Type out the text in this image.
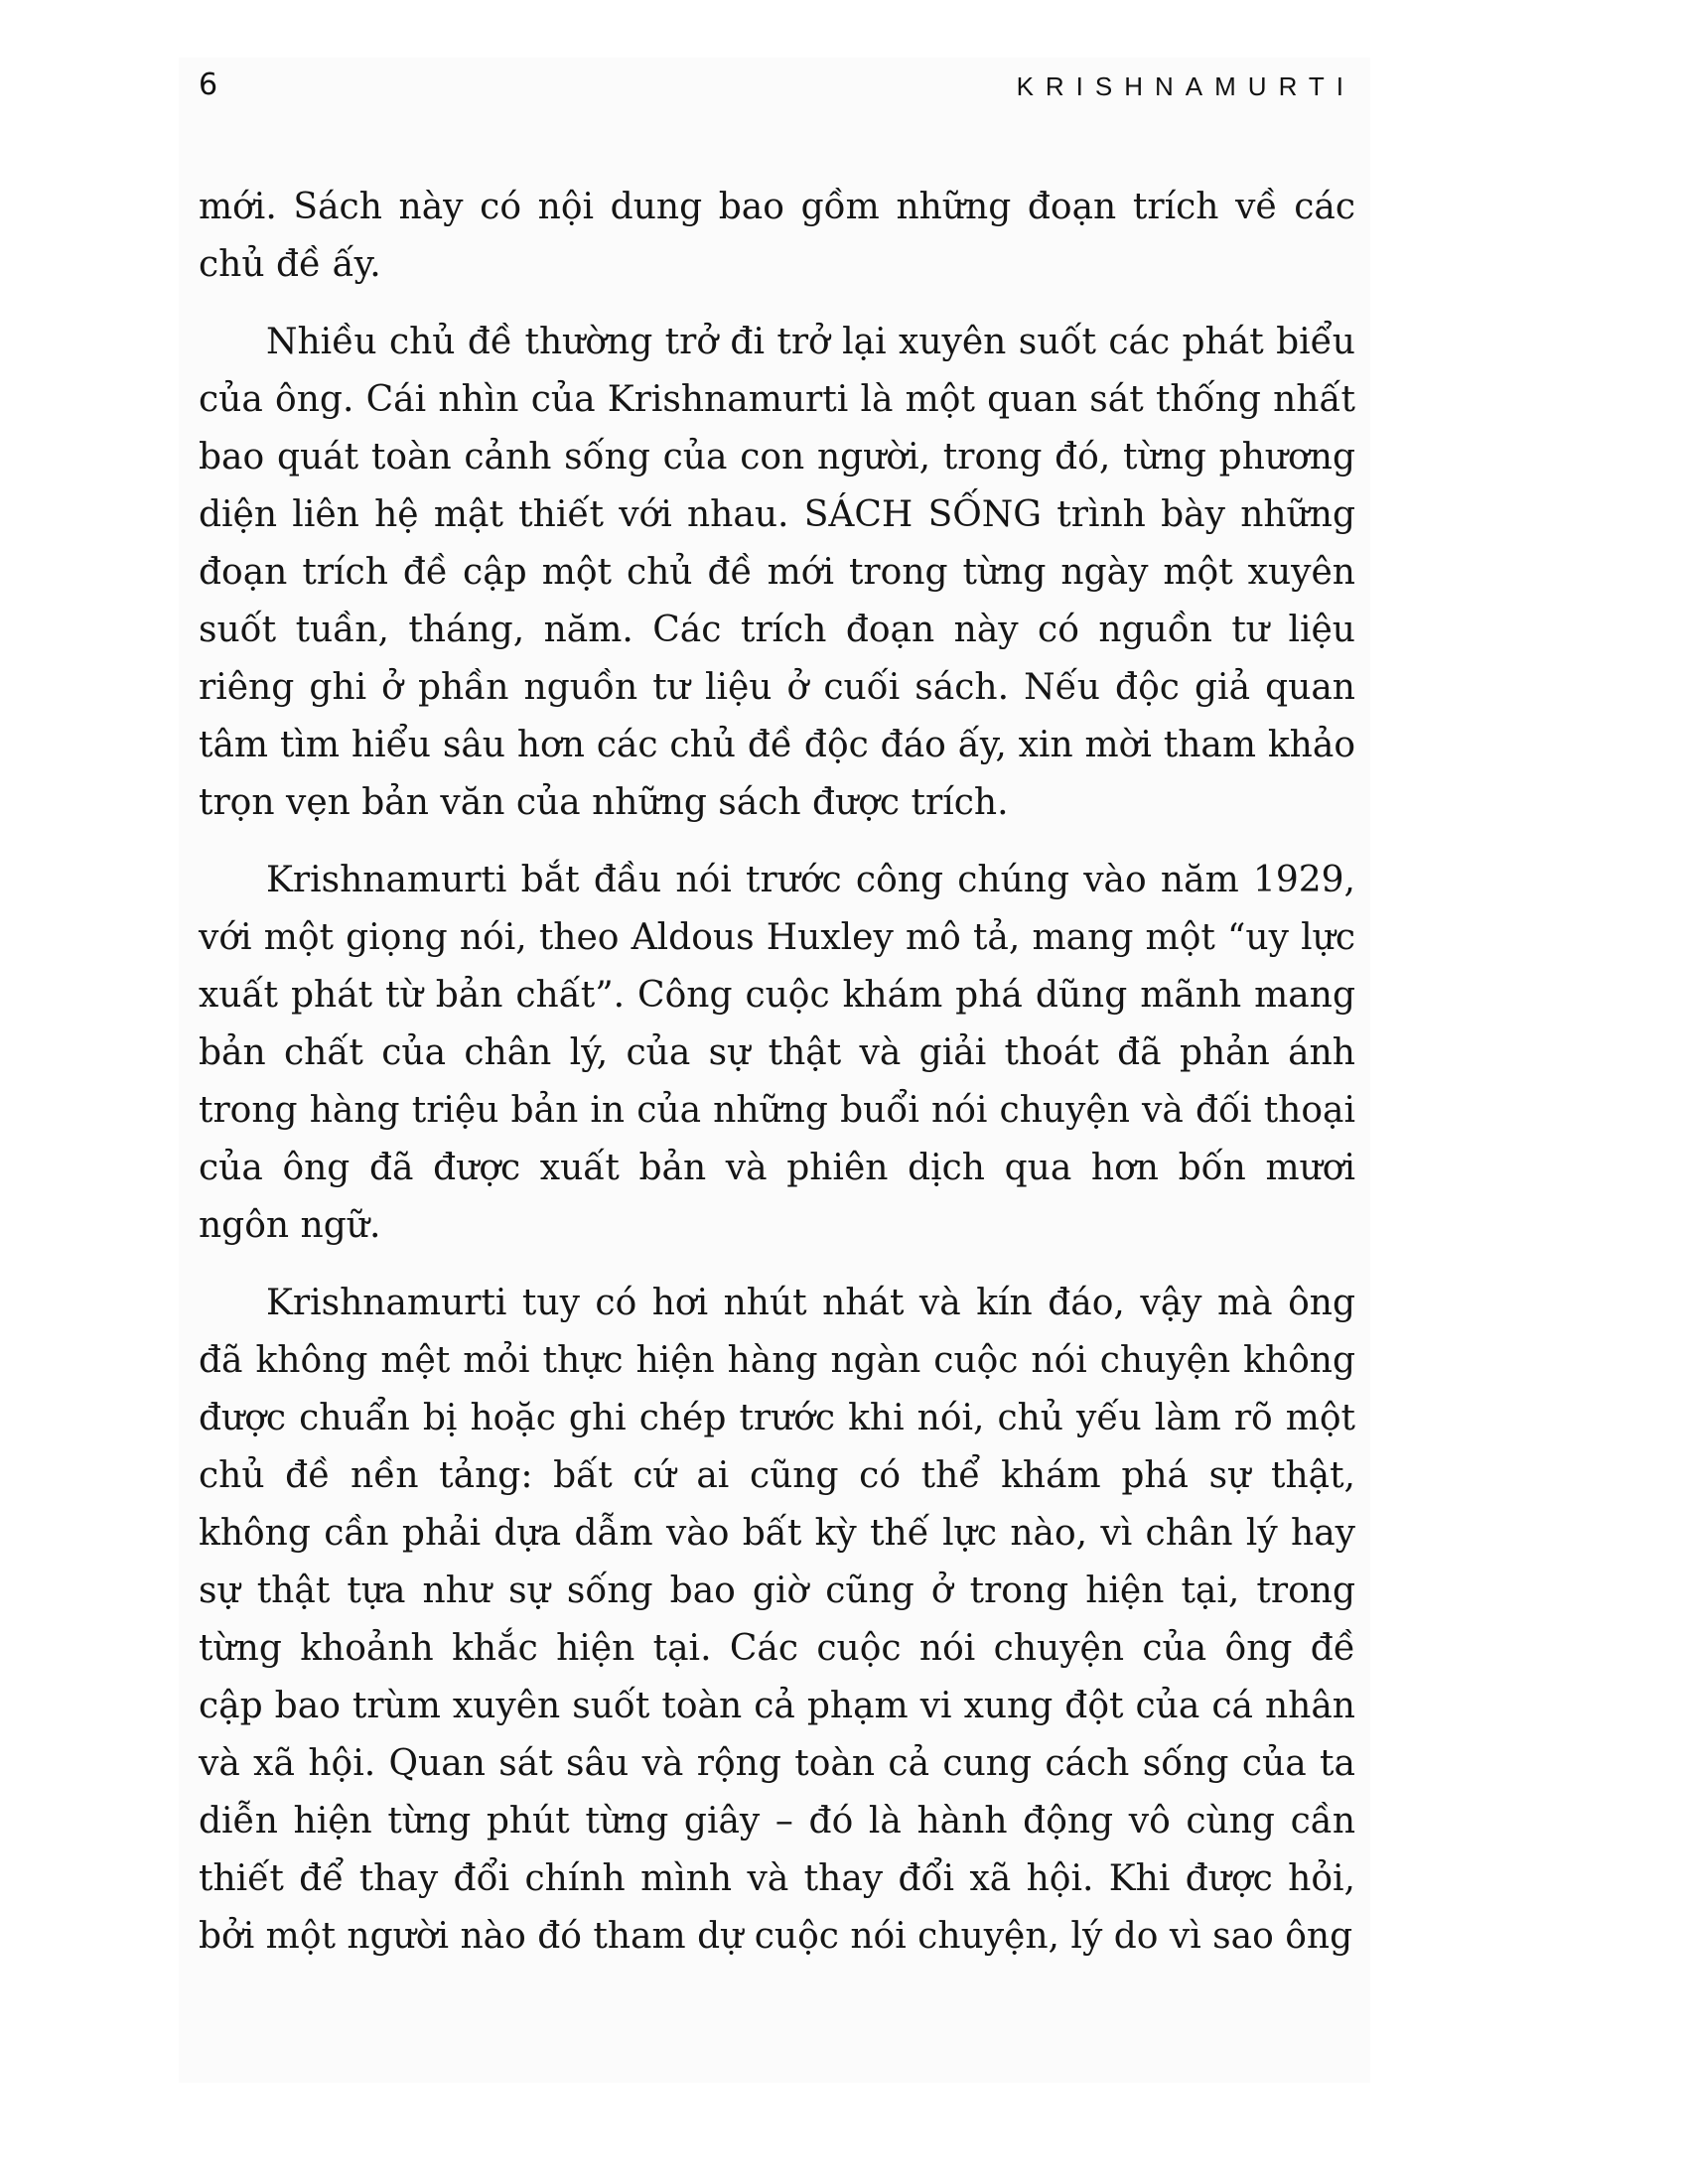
6	KRISHNAMURTI

mới. Sách này có nội dung bao gồm những đoạn trích về các chủ đề ấy.

Nhiều chủ đề thường trở đi trở lại xuyên suốt các phát biểu của ông. Cái nhìn của Krishnamurti là một quan sát thống nhất bao quát toàn cảnh sống của con người, trong đó, từng phương diện liên hệ mật thiết với nhau. SÁCH SỐNG trình bày những đoạn trích đề cập một chủ đề mới trong từng ngày một xuyên suốt tuần, tháng, năm. Các trích đoạn này có nguồn tư liệu riêng ghi ở phần nguồn tư liệu ở cuối sách. Nếu độc giả quan tâm tìm hiểu sâu hơn các chủ đề độc đáo ấy, xin mời tham khảo trọn vẹn bản văn của những sách được trích.

Krishnamurti bắt đầu nói trước công chúng vào năm 1929, với một giọng nói, theo Aldous Huxley mô tả, mang một “uy lực xuất phát từ bản chất”. Công cuộc khám phá dũng mãnh mang bản chất của chân lý, của sự thật và giải thoát đã phản ánh trong hàng triệu bản in của những buổi nói chuyện và đối thoại của ông đã được xuất bản và phiên dịch qua hơn bốn mươi ngôn ngữ.

Krishnamurti tuy có hơi nhút nhát và kín đáo, vậy mà ông đã không mệt mỏi thực hiện hàng ngàn cuộc nói chuyện không được chuẩn bị hoặc ghi chép trước khi nói, chủ yếu làm rõ một chủ đề nền tảng: bất cứ ai cũng có thể khám phá sự thật, không cần phải dựa dẫm vào bất kỳ thế lực nào, vì chân lý hay sự thật tựa như sự sống bao giờ cũng ở trong hiện tại, trong từng khoảnh khắc hiện tại. Các cuộc nói chuyện của ông đề cập bao trùm xuyên suốt toàn cả phạm vi xung đột của cá nhân và xã hội. Quan sát sâu và rộng toàn cả cung cách sống của ta diễn hiện từng phút từng giây – đó là hành động vô cùng cần thiết để thay đổi chính mình và thay đổi xã hội. Khi được hỏi, bởi một người nào đó tham dự cuộc nói chuyện, lý do vì sao ông
